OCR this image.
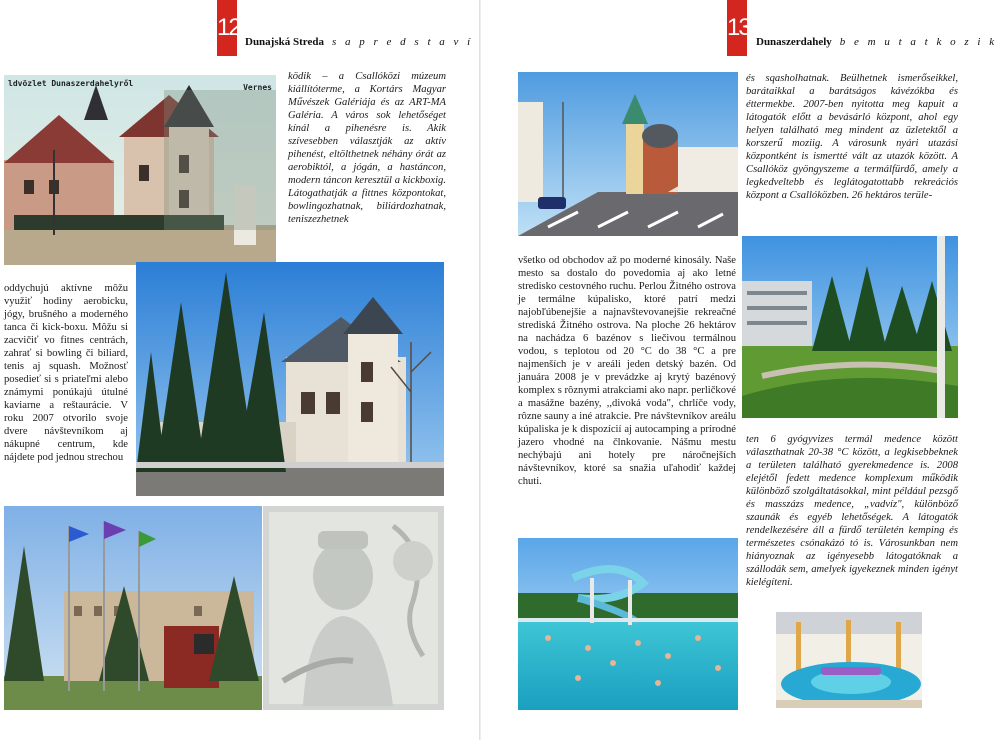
12
Dunajská Streda s a p r e d s t a v í
ldvözlet Dunaszerdahelyről	Vernes
ködik – a Csallóközi múzeum kiállítóterme, a Kortárs Magyar Művészek Galériája és az ART-MA Galéria. A város sok lehetőséget kínál a pihenésre is. Akik szívesebben választják az aktív pihenést, eltölthetnek néhány órát az aerobiktól, a jógán, a hastáncon, modern táncon keresztül a kickboxig. Látogathatják a fittnes központokat, bowlingozhatnak, biliárdozhatnak, teniszezhetnek
oddychujú aktívne môžu využiť hodiny aerobicku, jógy, brušného a moderného tanca či kick-boxu. Môžu si zacvičiť vo fitnes centrách, zahrať si bowling či biliard, tenis aj squash. Možnosť posedieť si s priateľmi alebo známymi ponúkajú útulné kaviarne a reštaurácie. V roku 2007 otvorilo svoje dvere návštevníkom aj nákupné centrum, kde nájdete pod jednou strechou
13
Dunaszerdahely b e m u t a t k o z i k
és sqasholhatnak. Beülhetnek ismerőseikkel, barátaikkal a barátságos kávézókba és éttermekbe. 2007-ben nyitotta meg kapuit a látogatók előtt a bevásárló központ, ahol egy helyen található meg mindent az üzletektől a korszerű moziig. A városunk nyári utazási központként is ismertté vált az utazók között. A Csallóköz gyöngyszeme a termálfürdő, amely a legkedveltebb és leglátogatottabb rekreációs központ a Csallóközben. 26 hektáros terüle-
všetko od obchodov až po moderné kinosály. Naše mesto sa dostalo do povedomia aj ako letné stredisko cestovného ruchu. Perlou Žitného ostrova je termálne kúpalisko, ktoré patrí medzi najobľúbenejšie a najnavštevovanejšie rekreačné strediská Žitného ostrova. Na ploche 26 hektárov na nachádza 6 bazénov s liečivou termálnou vodou, s teplotou od 20 °C do 38 °C a pre najmenších je v areáli jeden detský bazén. Od januára 2008 je v prevádzke aj krytý bazénový komplex s rôznymi atrakciami ako napr. perličkové a masážne bazény, ,,divoká voda", chrlíče vody, rôzne sauny a iné atrakcie. Pre návštevníkov areálu kúpaliska je k dispozícií aj autocamping a prírodné jazero vhodné na člnkovanie. Nášmu mestu nechýbajú ani hotely pre náročnejších návštevníkov, ktoré sa snažia uľahodiť každej chuti.
ten 6 gyógyvizes termál medence között választhatnak 20-38 °C között, a legkisebbeknek a területen található gyerekmedence is. 2008 elejétől fedett medence komplexum működik különböző szolgáltatásokkal, mint például pezsgő és masszázs medence, „vadvíz", különböző szaunák és egyéb lehetőségek. A látogatók rendelkezésére áll a fürdő területén kemping és természetes csónakázó tó is. Városunkban nem hiányoznak az igényesebb látogatóknak a szállodák sem, amelyek igyekeznek minden igényt kielégíteni.
